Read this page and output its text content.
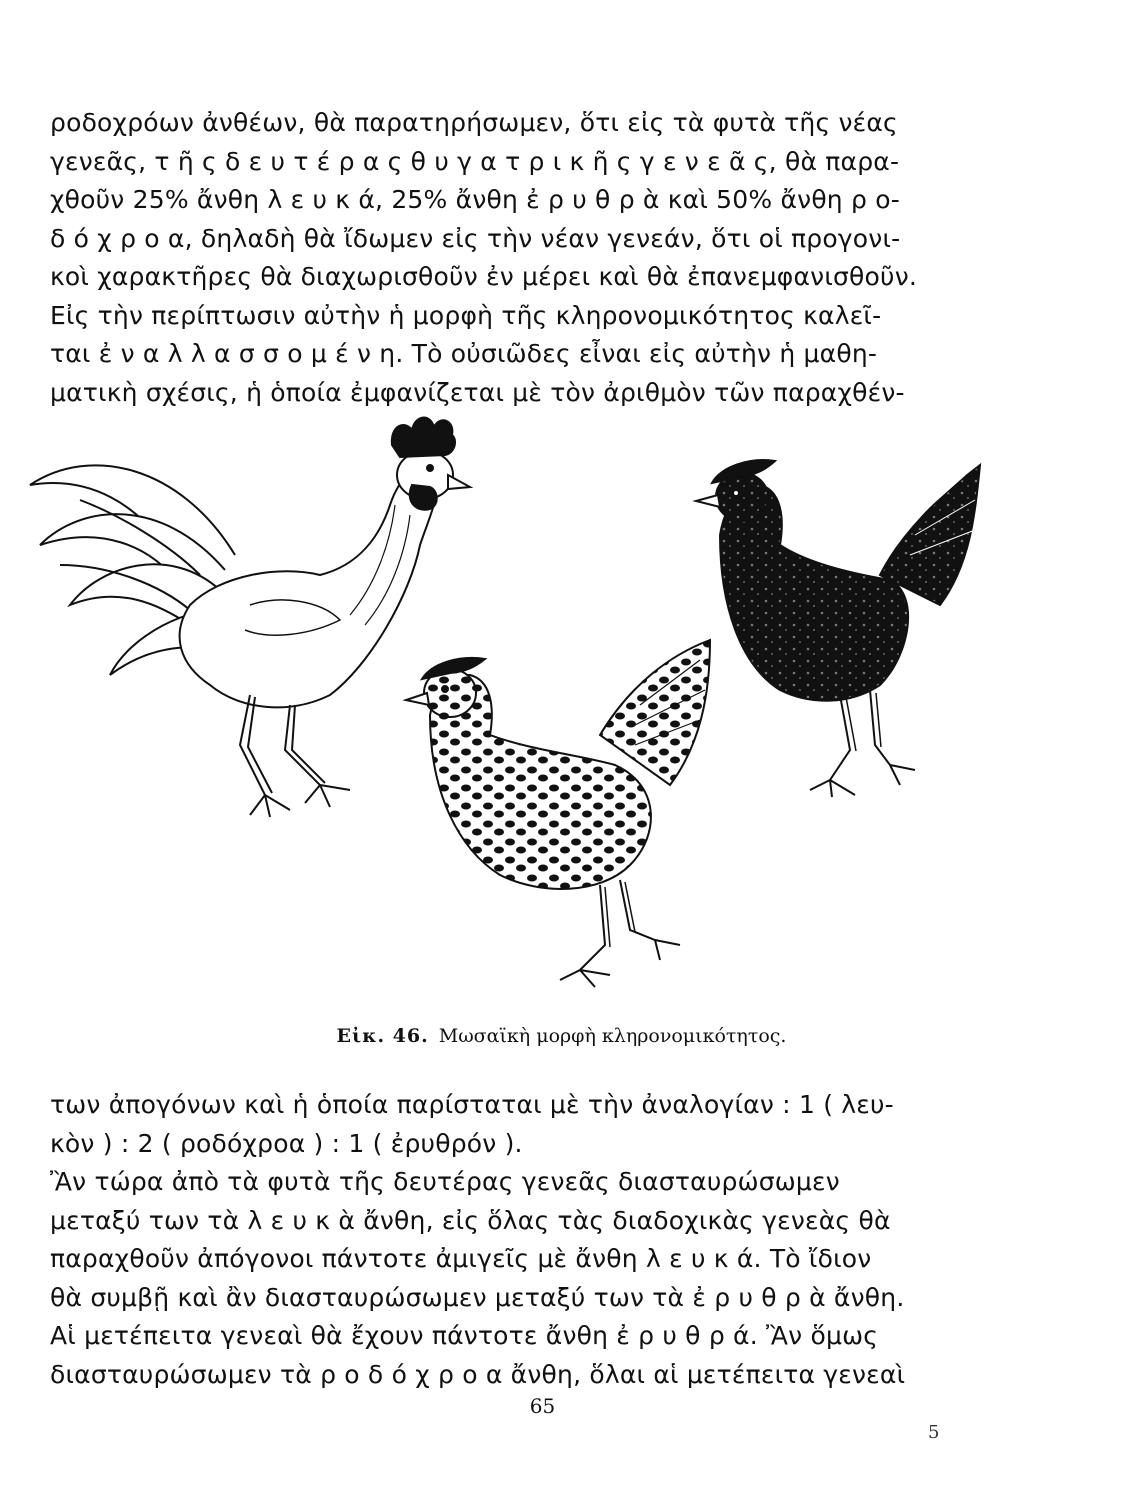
ροδοχρόων ἀνθέων, θὰ παρατηρήσωμεν, ὅτι εἰς τὰ φυτὰ τῆς νέας
γενεᾶς, τ ῆ ς δ ε υ τ έ ρ α ς θ υ γ α τ ρ ι κ ῆ ς γ ε ν ε ᾶ ς, θὰ παρα-
χθοῦν 25% ἄνθη λ ε υ κ ά, 25% ἄνθη ἐ ρ υ θ ρ ὰ καὶ 50% ἄνθη ρ ο-
δ ό χ ρ ο α, δηλαδὴ θὰ ἴδωμεν εἰς τὴν νέαν γενεάν, ὅτι οἱ προγονι-
κοὶ χαρακτῆρες θὰ διαχωρισθοῦν ἐν μέρει καὶ θὰ ἐπανεμφανισθοῦν.
Εἰς τὴν περίπτωσιν αὐτὴν ἡ μορφὴ τῆς κληρονομικότητος καλεῖ-
ται ἐ ν α λ λ α σ σ ο μ έ ν η. Τὸ οὐσιῶδες εἶναι εἰς αὐτὴν ἡ μαθη-
ματικὴ σχέσις, ἡ ὁποία ἐμφανίζεται μὲ τὸν ἀριθμὸν τῶν παραχθέν-

Εἰκ. 46. Μωσαϊκὴ μορφὴ κληρονομικότητος.

των ἀπογόνων καὶ ἡ ὁποία παρίσταται μὲ τὴν ἀναλογίαν : 1 ( λευ-
κὸν ) : 2 ( ροδόχροα ) : 1 ( ἐρυθρόν ).
Ἂν τώρα ἀπὸ τὰ φυτὰ τῆς δευτέρας γενεᾶς διασταυρώσωμεν
μεταξύ των τὰ λ ε υ κ ὰ ἄνθη, εἰς ὅλας τὰς διαδοχικὰς γενεὰς θὰ
παραχθοῦν ἀπόγονοι πάντοτε ἀμιγεῖς μὲ ἄνθη λ ε υ κ ά. Τὸ ἴδιον
θὰ συμβῇ καὶ ἂν διασταυρώσωμεν μεταξύ των τὰ ἐ ρ υ θ ρ ὰ ἄνθη.
Αἱ μετέπειτα γενεαὶ θὰ ἔχουν πάντοτε ἄνθη ἐ ρ υ θ ρ ά. Ἂν ὅμως
διασταυρώσωμεν τὰ ρ ο δ ό χ ρ ο α ἄνθη, ὅλαι αἱ μετέπειτα γενεαὶ

65
5
